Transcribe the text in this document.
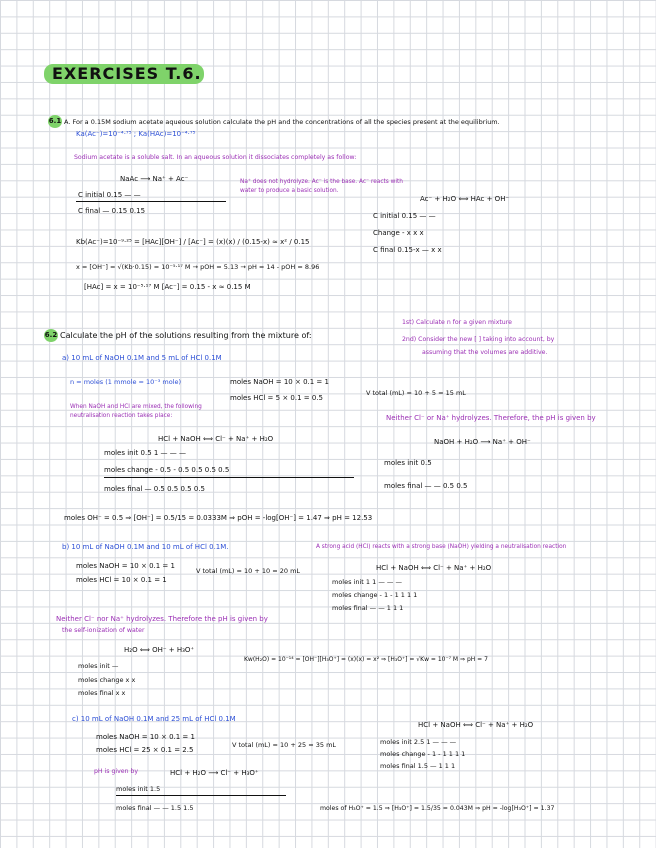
EXERCISES T.6.
6.1 A. For a 0.15M sodium acetate aqueous solution calculate the pH and the concentrations of all the species present at the equilibrium.
Ka(Ac⁻)=10⁻⁴·⁷⁵ ; Ka(HAc)=10⁻⁴·⁷⁵
Sodium acetate is a soluble salt. In an aqueous solution it dissociates completely as follow:
NaAc ⟶ Na⁺ + Ac⁻	Na⁺ does not hydrolyze. Ac⁻ is the base. Ac⁻ reacts with water to produce a basic solution.
C initial 0.15 — —
C final — 0.15 0.15
Ac⁻ + H₂O ⟺ HAc + OH⁻
C initial 0.15 — —
Change - x x x
C final 0.15-x — x x
Kb(Ac⁻)=10⁻⁹·²⁵ = [HAc][OH⁻] / [Ac⁻] = (x)(x) / (0.15-x) ≈ x² / 0.15
x = [OH⁻] = √(Kb·0.15) = 10⁻⁵·¹⁷ M → pOH = 5.13 → pH = 14 - pOH = 8.96
[HAc] = x = 10⁻⁵·¹⁷ M [Ac⁻] = 0.15 - x ≈ 0.15 M
6.2 Calculate the pH of the solutions resulting from the mixture of:
1st) Calculate n for a given mixture
2nd) Consider the new [ ] taking into account, by
assuming that the volumes are additive.
a) 10 mL of NaOH 0.1M and 5 mL of HCl 0.1M
n = moles (1 mmole = 10⁻³ mole)	moles NaOH = 10 × 0.1 = 1
moles HCl = 5 × 0.1 = 0.5
V total (mL) = 10 + 5 = 15 mL
When NaOH and HCl are mixed, the following neutralisation reaction takes place:	Neither Cl⁻ or Na⁺ hydrolyzes. Therefore, the pH is given by
HCl + NaOH ⟺ Cl⁻ + Na⁺ + H₂O
moles init 0.5 1 — — —
moles change - 0.5 - 0.5 0.5 0.5 0.5
moles final — 0.5 0.5 0.5 0.5
NaOH + H₂O ⟶ Na⁺ + OH⁻
moles init 0.5
moles final — — 0.5 0.5
moles OH⁻ = 0.5 ⇒ [OH⁻] = 0.5/15 = 0.0333M ⇒ pOH = -log[OH⁻] = 1.47 ⇒ pH = 12.53
b) 10 mL of NaOH 0.1M and 10 mL of HCl 0.1M.	A strong acid (HCl) reacts with a strong base (NaOH) yielding a neutralisation reaction
moles NaOH = 10 × 0.1 = 1
moles HCl = 10 × 0.1 = 1
V total (mL) = 10 + 10 = 20 mL	HCl + NaOH ⟺ Cl⁻ + Na⁺ + H₂O
moles init 1 1 — — —
moles change - 1 - 1 1 1 1
moles final — — 1 1 1
Neither Cl⁻ nor Na⁺ hydrolyzes. Therefore the pH is given by
the self-ionization of water
H₂O ⟺ OH⁻ + H₃O⁺
moles init —
moles change x x
moles final x x
Kw(H₂O) = 10⁻¹⁴ = [OH⁻][H₃O⁺] = (x)(x) = x² ⇒ [H₃O⁺] = √Kw = 10⁻⁷ M ⇒ pH = 7
c) 10 mL of NaOH 0.1M and 25 mL of HCl 0.1M
moles NaOH = 10 × 0.1 = 1
moles HCl = 25 × 0.1 = 2.5
V total (mL) = 10 + 25 = 35 mL
HCl + NaOH ⟺ Cl⁻ + Na⁺ + H₂O
moles init 2.5 1 — — —
moles change - 1 - 1 1 1 1
moles final 1.5 — 1 1 1
pH is given by	HCl + H₂O ⟶ Cl⁻ + H₃O⁺
moles init 1.5
moles final — — 1.5 1.5	moles of H₃O⁺ = 1.5 ⇒ [H₃O⁺] = 1.5/35 = 0.043M ⇒ pH = -log[H₃O⁺] = 1.37
